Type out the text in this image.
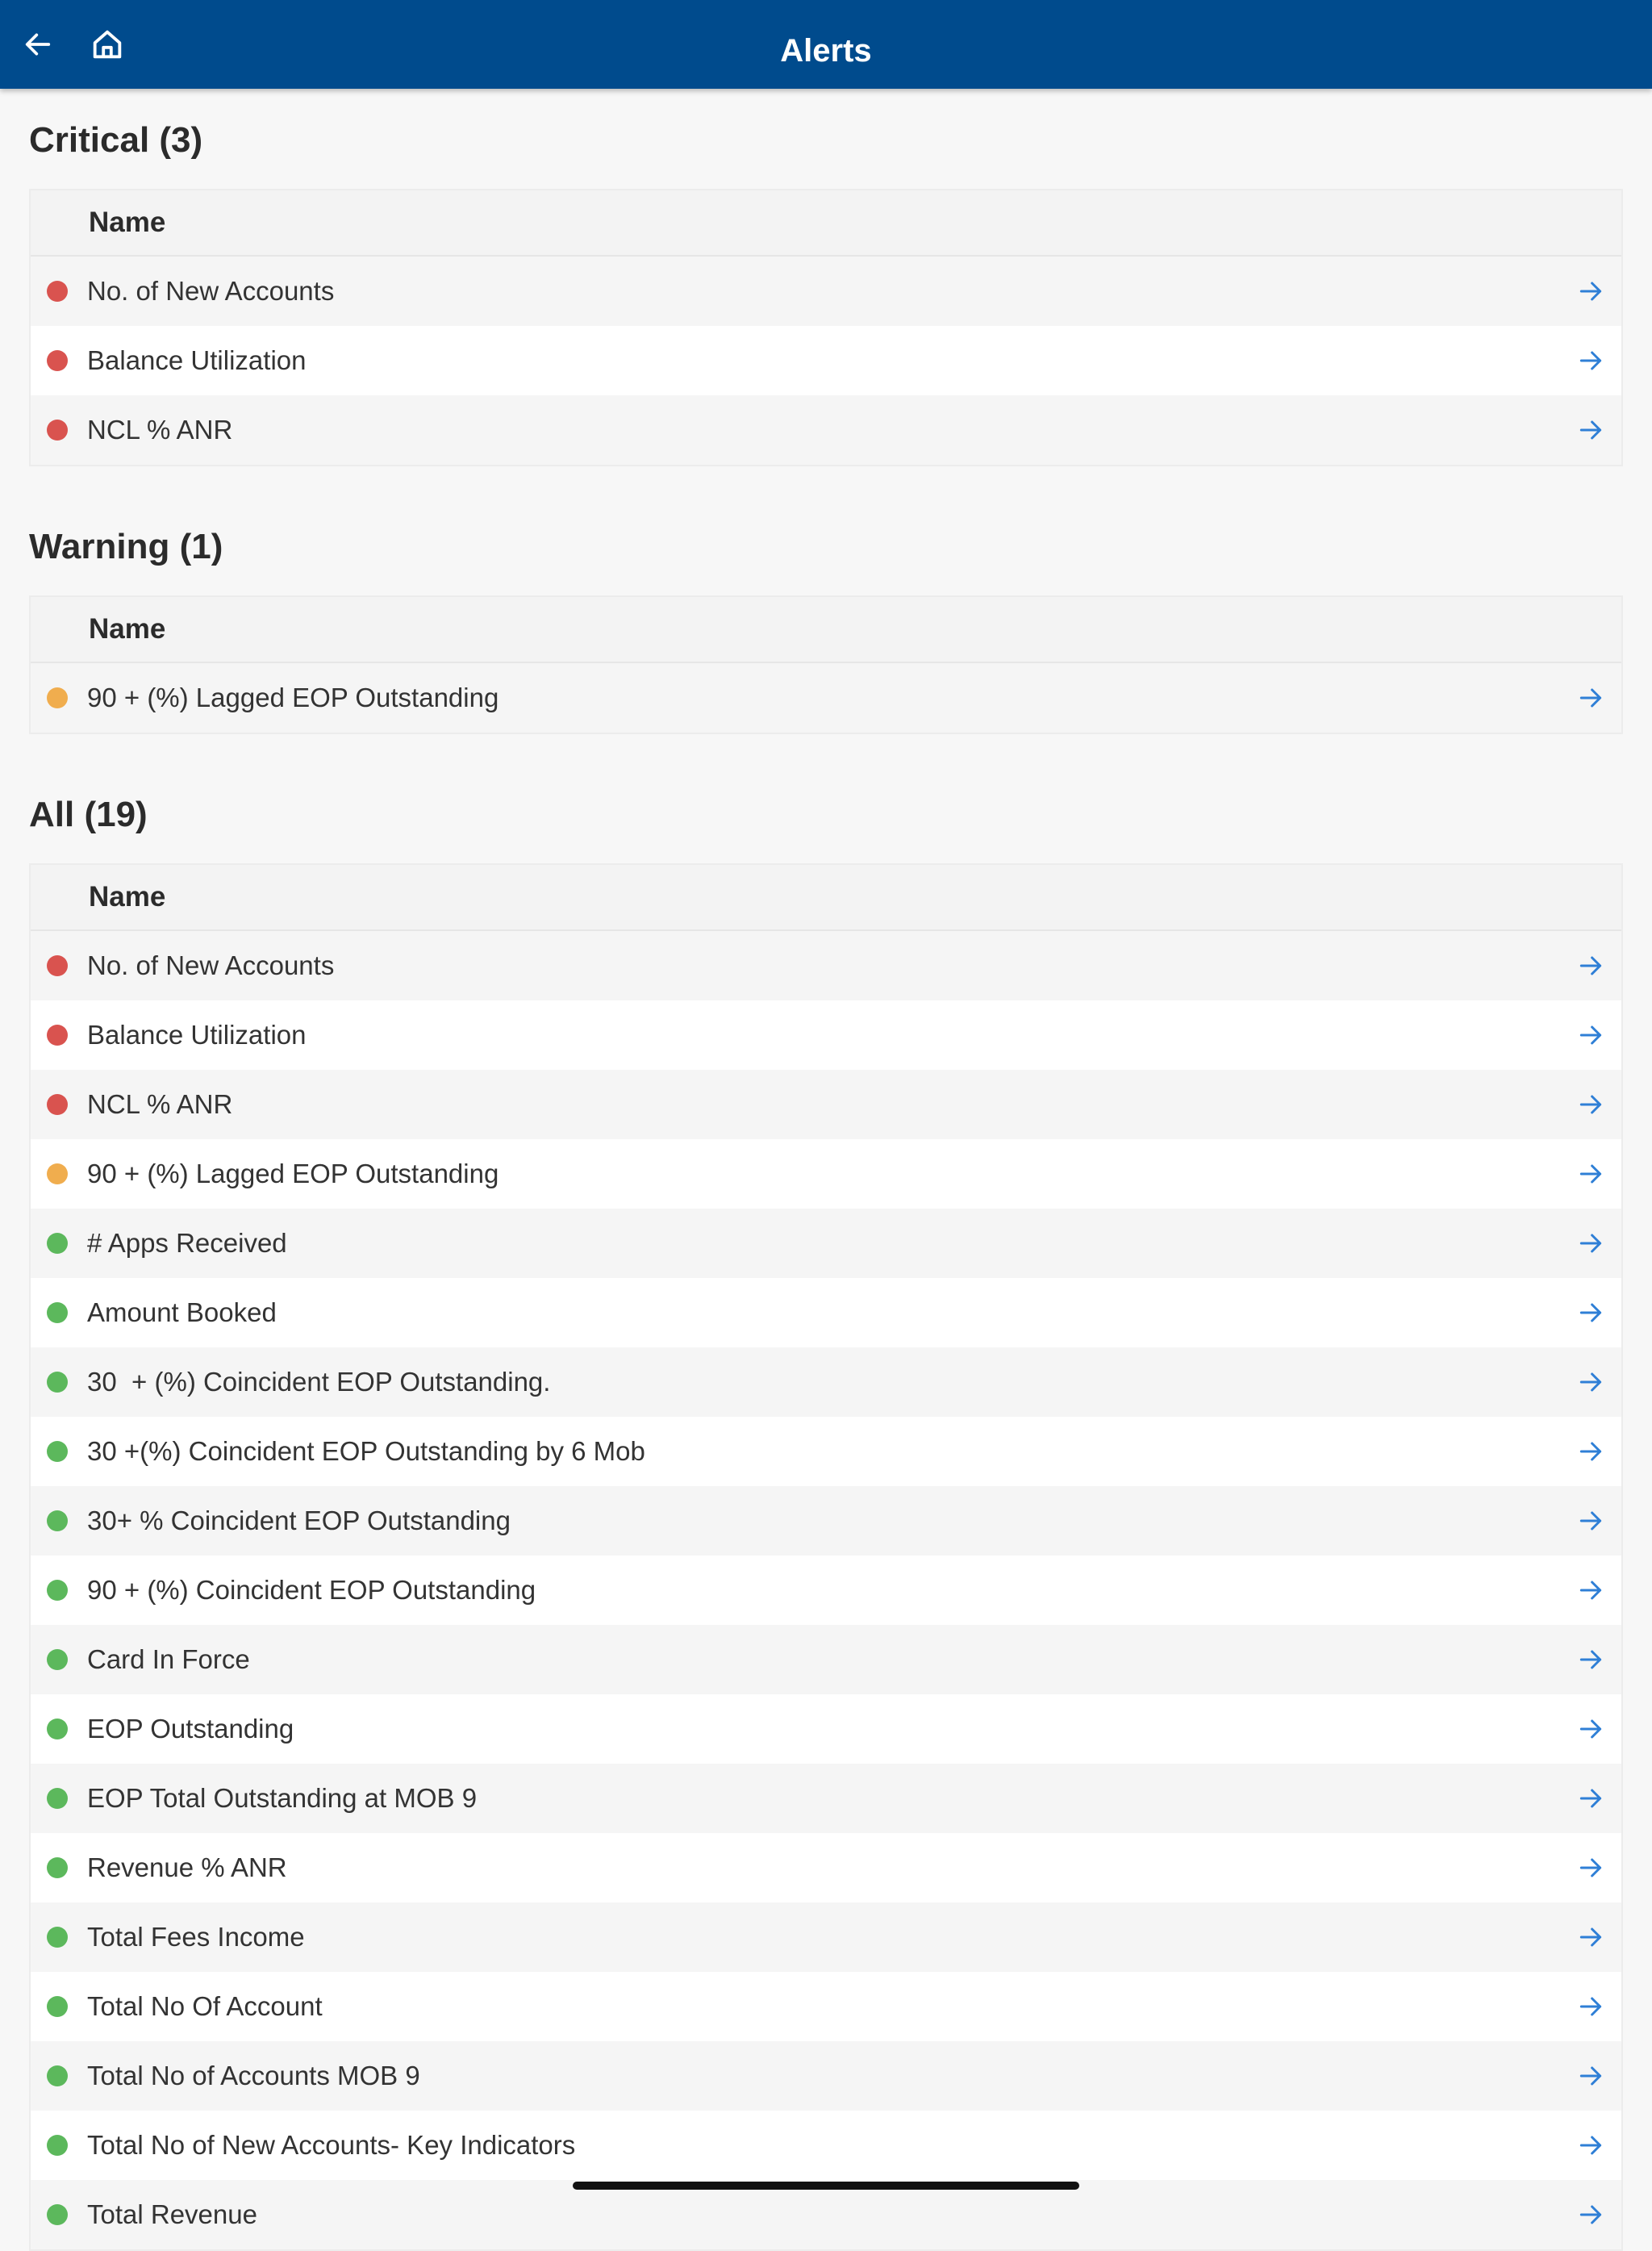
Alerts
Critical (3)
Name
No. of New Accounts
Balance Utilization
NCL % ANR
Warning (1)
Name
90 + (%) Lagged EOP Outstanding
All (19)
Name
No. of New Accounts
Balance Utilization
NCL % ANR
90 + (%) Lagged EOP Outstanding
# Apps Received
Amount Booked
30  + (%) Coincident EOP Outstanding.
30 +(%) Coincident EOP Outstanding by 6 Mob
30+ % Coincident EOP Outstanding
90 + (%) Coincident EOP Outstanding
Card In Force
EOP Outstanding
EOP Total Outstanding at MOB 9
Revenue % ANR
Total Fees Income
Total No Of Account
Total No of Accounts MOB 9
Total No of New Accounts- Key Indicators
Total Revenue
